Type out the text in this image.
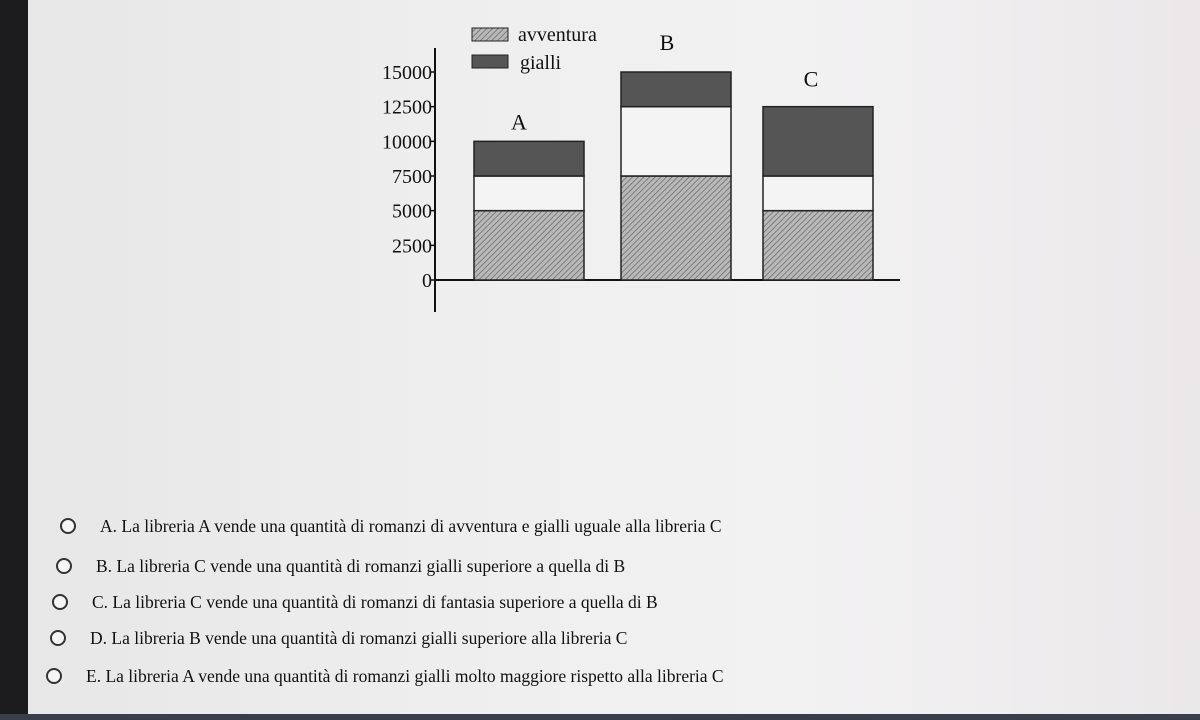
0
2500
5000
7500
10000
12500
15000
A
B
C
avventura
gialli
A. La libreria A vende una quantità di romanzi di avventura e gialli uguale alla libreria C
B. La libreria C vende una quantità di romanzi gialli superiore a quella di B
C. La libreria C vende una quantità di romanzi di fantasia superiore a quella di B
D. La libreria B vende una quantità di romanzi gialli superiore alla libreria C
E. La libreria A vende una quantità di romanzi gialli molto maggiore rispetto alla libreria C
